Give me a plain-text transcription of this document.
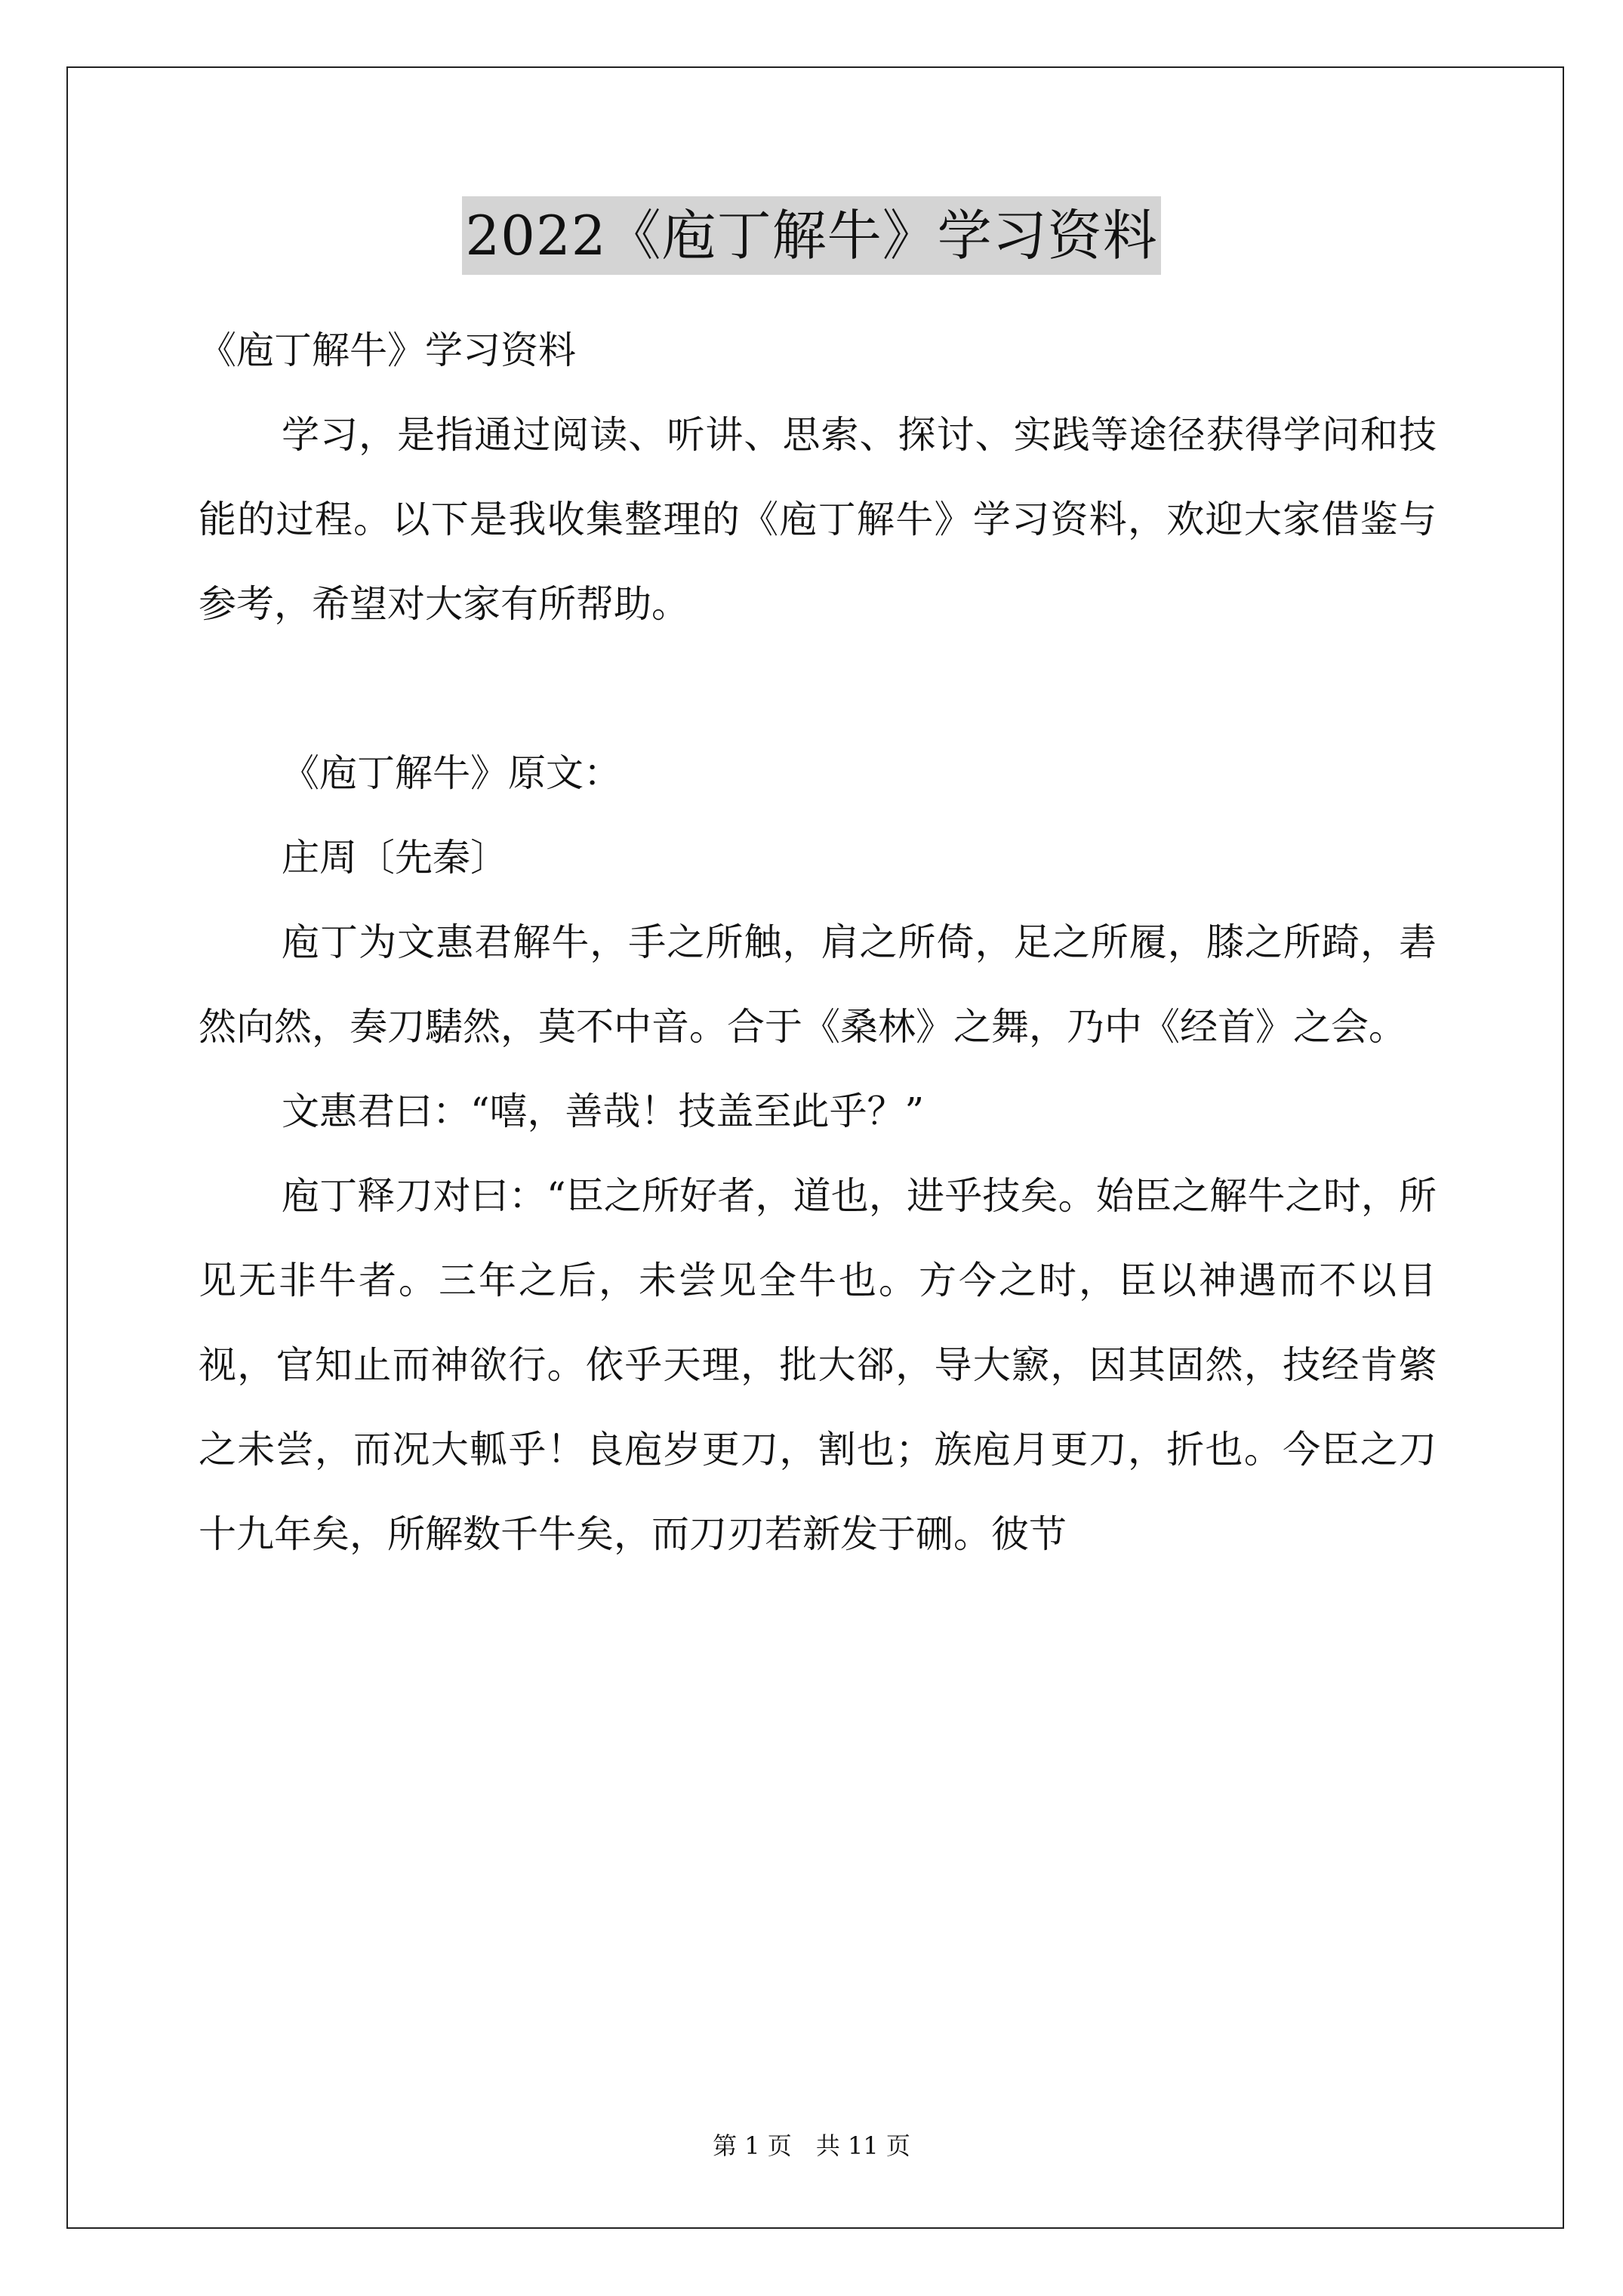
2022《庖丁解牛》学习资料

《庖丁解牛》学习资料

学习，是指通过阅读、听讲、思索、探讨、实践等途径获得学问和技能的过程。以下是我收集整理的《庖丁解牛》学习资料，欢迎大家借鉴与参考，希望对大家有所帮助。

《庖丁解牛》原文：

庄周〔先秦〕

庖丁为文惠君解牛，手之所触，肩之所倚，足之所履，膝之所踦，砉然向然，奏刀騞然，莫不中音。合于《桑林》之舞，乃中《经首》之会。

文惠君曰：“嘻，善哉！技盖至此乎？”

庖丁释刀对曰：“臣之所好者，道也，进乎技矣。始臣之解牛之时，所见无非牛者。三年之后，未尝见全牛也。方今之时，臣以神遇而不以目视，官知止而神欲行。依乎天理，批大郤，导大窾，因其固然，技经肯綮之未尝，而况大軱乎！良庖岁更刀，割也；族庖月更刀，折也。今臣之刀十九年矣，所解数千牛矣，而刀刃若新发于硎。彼节

第 1 页 共 11 页
